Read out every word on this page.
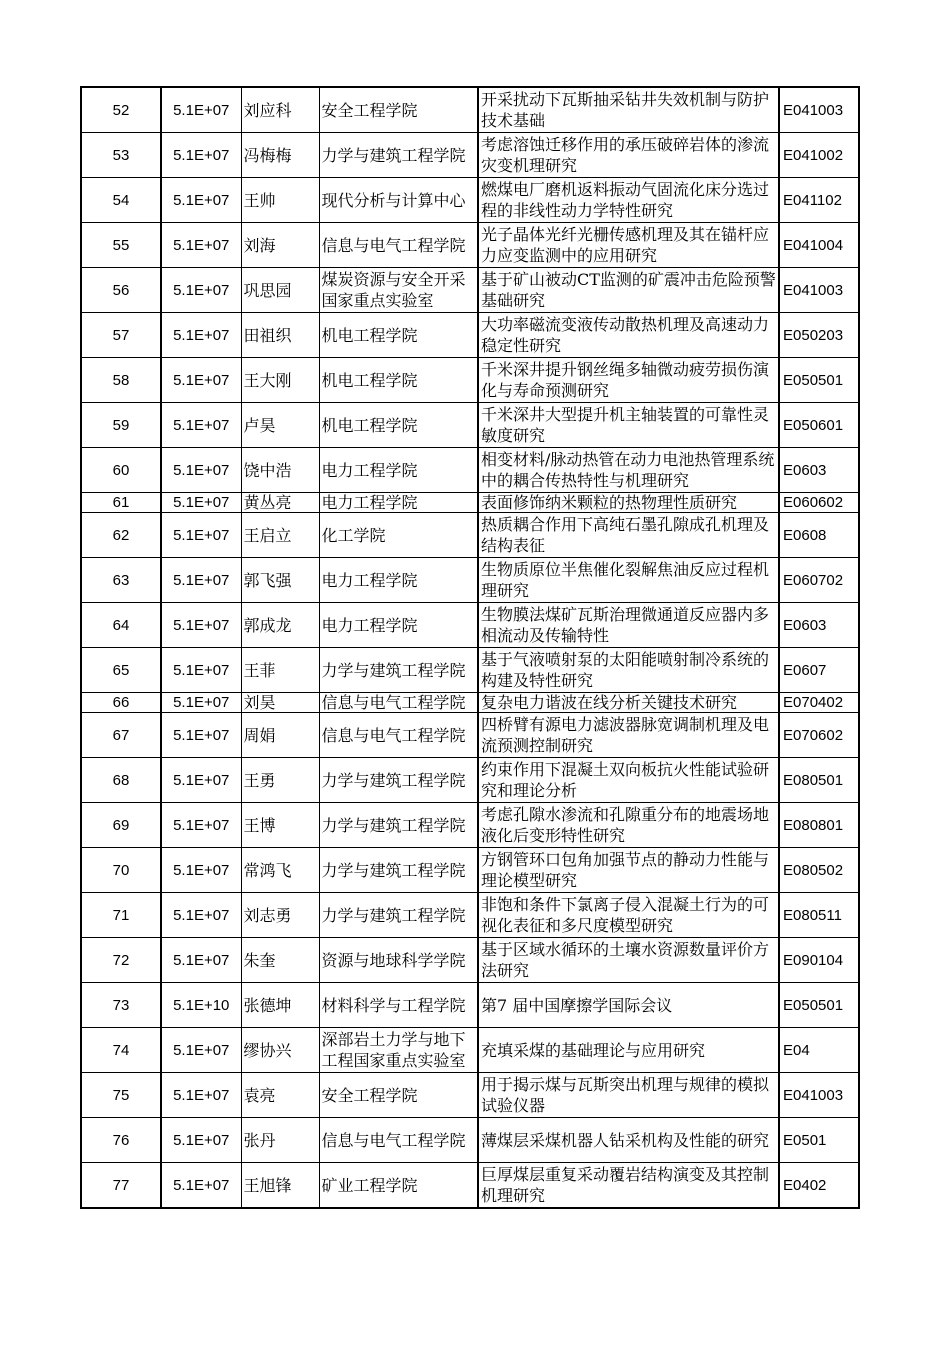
52	5.1E+07	刘应科	安全工程学院	开采扰动下瓦斯抽采钻井失效机制与防护技术基础	E041003
53	5.1E+07	冯梅梅	力学与建筑工程学院	考虑溶蚀迁移作用的承压破碎岩体的渗流灾变机理研究	E041002
54	5.1E+07	王帅	现代分析与计算中心	燃煤电厂磨机返料振动气固流化床分选过程的非线性动力学特性研究	E041102
55	5.1E+07	刘海	信息与电气工程学院	光子晶体光纤光栅传感机理及其在锚杆应力应变监测中的应用研究	E041004
56	5.1E+07	巩思园	煤炭资源与安全开采国家重点实验室	基于矿山被动CT监测的矿震冲击危险预警基础研究	E041003
57	5.1E+07	田祖织	机电工程学院	大功率磁流变液传动散热机理及高速动力稳定性研究	E050203
58	5.1E+07	王大刚	机电工程学院	千米深井提升钢丝绳多轴微动疲劳损伤演化与寿命预测研究	E050501
59	5.1E+07	卢昊	机电工程学院	千米深井大型提升机主轴装置的可靠性灵敏度研究	E050601
60	5.1E+07	饶中浩	电力工程学院	相变材料/脉动热管在动力电池热管理系统中的耦合传热特性与机理研究	E0603
61	5.1E+07	黄丛亮	电力工程学院	表面修饰纳米颗粒的热物理性质研究	E060602
62	5.1E+07	王启立	化工学院	热质耦合作用下高纯石墨孔隙成孔机理及结构表征	E0608
63	5.1E+07	郭飞强	电力工程学院	生物质原位半焦催化裂解焦油反应过程机理研究	E060702
64	5.1E+07	郭成龙	电力工程学院	生物膜法煤矿瓦斯治理微通道反应器内多相流动及传输特性	E0603
65	5.1E+07	王菲	力学与建筑工程学院	基于气液喷射泵的太阳能喷射制冷系统的构建及特性研究	E0607
66	5.1E+07	刘昊	信息与电气工程学院	复杂电力谐波在线分析关键技术研究	E070402
67	5.1E+07	周娟	信息与电气工程学院	四桥臂有源电力滤波器脉宽调制机理及电流预测控制研究	E070602
68	5.1E+07	王勇	力学与建筑工程学院	约束作用下混凝土双向板抗火性能试验研究和理论分析	E080501
69	5.1E+07	王博	力学与建筑工程学院	考虑孔隙水渗流和孔隙重分布的地震场地液化后变形特性研究	E080801
70	5.1E+07	常鸿飞	力学与建筑工程学院	方钢管环口包角加强节点的静动力性能与理论模型研究	E080502
71	5.1E+07	刘志勇	力学与建筑工程学院	非饱和条件下氯离子侵入混凝土行为的可视化表征和多尺度模型研究	E080511
72	5.1E+07	朱奎	资源与地球科学学院	基于区域水循环的土壤水资源数量评价方法研究	E090104
73	5.1E+10	张德坤	材料科学与工程学院	第7 届中国摩擦学国际会议	E050501
74	5.1E+07	缪协兴	深部岩土力学与地下工程国家重点实验室	充填采煤的基础理论与应用研究	E04
75	5.1E+07	袁亮	安全工程学院	用于揭示煤与瓦斯突出机理与规律的模拟试验仪器	E041003
76	5.1E+07	张丹	信息与电气工程学院	薄煤层采煤机器人钻采机构及性能的研究	E0501
77	5.1E+07	王旭锋	矿业工程学院	巨厚煤层重复采动覆岩结构演变及其控制机理研究	E0402
